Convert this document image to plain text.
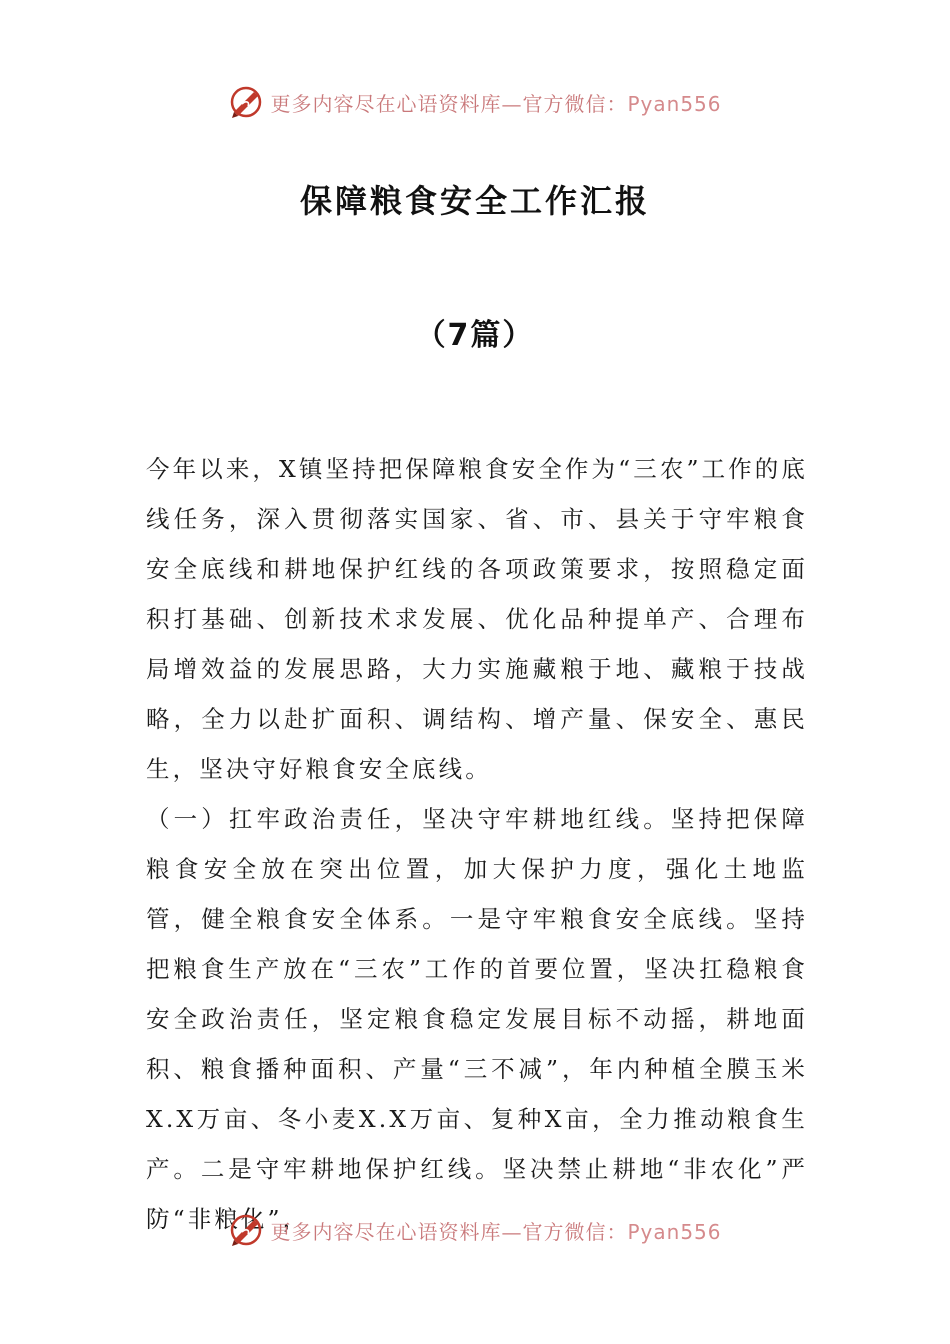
更多内容尽在心语资料库—官方微信：Pyan556
保障粮食安全工作汇报
（7篇）

今年以来，X镇坚持把保障粮食安全作为“三农”工作的底线任务，深入贯彻落实国家、省、市、县关于守牢粮食安全底线和耕地保护红线的各项政策要求，按照稳定面积打基础、创新技术求发展、优化品种提单产、合理布局增效益的发展思路，大力实施藏粮于地、藏粮于技战略，全力以赴扩面积、调结构、增产量、保安全、惠民生，坚决守好粮食安全底线。

（一）扛牢政治责任，坚决守牢耕地红线。坚持把保障粮食安全放在突出位置，加大保护力度，强化土地监管，健全粮食安全体系。一是守牢粮食安全底线。坚持把粮食生产放在“三农”工作的首要位置，坚决扛稳粮食安全政治责任，坚定粮食稳定发展目标不动摇，耕地面积、粮食播种面积、产量“三不减”，年内种植全膜玉米X.X万亩、冬小麦X.X万亩、复种X亩，全力推动粮食生产。二是守牢耕地保护红线。坚决禁止耕地“非农化”严防“非粮化”，

更多内容尽在心语资料库—官方微信：Pyan556
